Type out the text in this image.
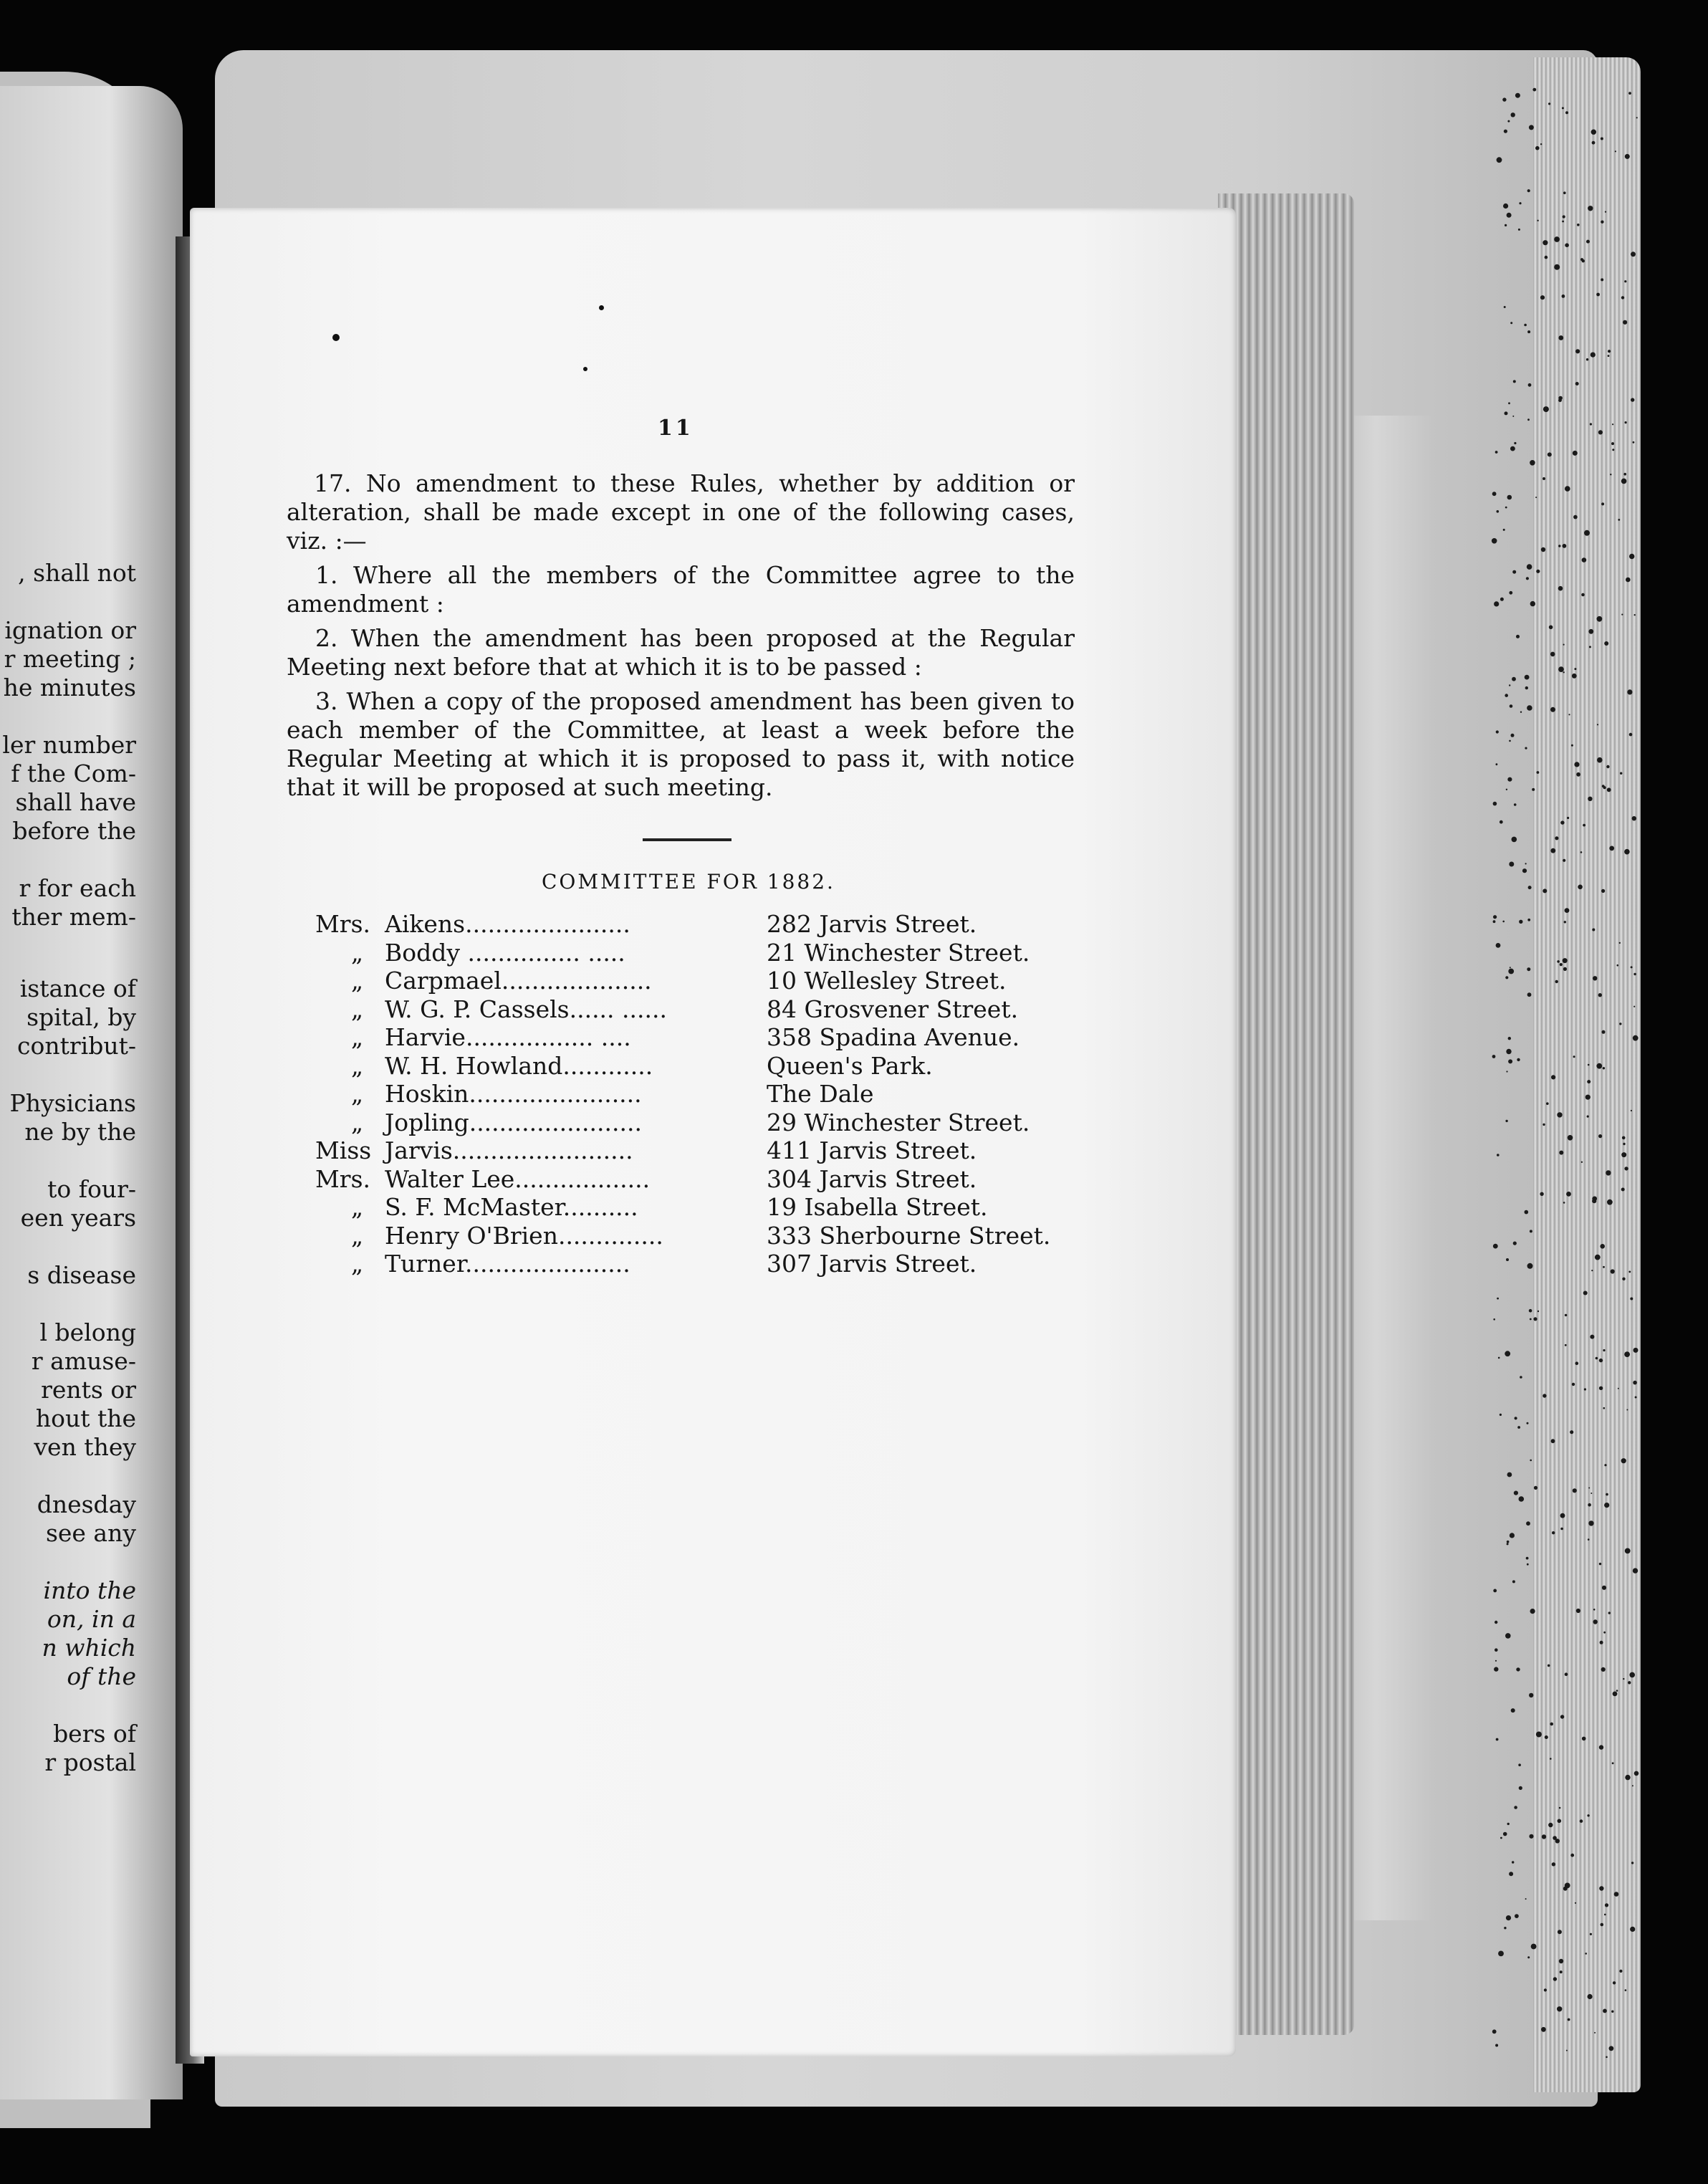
, shall not
ignation or
r meeting ;
he minutes
ler number
f the Com-
shall have
before the
r for each
ther mem-
istance of
spital, by
contribut-
Physicians
ne by the
to four-
een years
s disease
l belong
r amuse-
rents or
hout the
ven they
dnesday
see any
into the
on, in a
n which
of the
bers of
r postal
11

17. No amendment to these Rules, whether by addition or alteration, shall be made except in one of the following cases, viz. :—

1. Where all the members of the Committee agree to the amendment :

2. When the amendment has been proposed at the Regular Meeting next before that at which it is to be passed :

3. When a copy of the proposed amendment has been given to each member of the Committee, at least a week before the Regular Meeting at which it is proposed to pass it, with notice that it will be proposed at such meeting.

COMMITTEE FOR 1882.
Mrs. Aikens......................	282 Jarvis Street.
„ Boddy ............... .....	21 Winchester Street.
„ Carpmael....................	10 Wellesley Street.
„ W. G. P. Cassels...... ......	84 Grosvener Street.
„ Harvie................. ....	358 Spadina Avenue.
„ W. H. Howland............	Queen's Park.
„ Hoskin.......................	The Dale
„ Jopling.......................	29 Winchester Street.
Miss Jarvis........................	411 Jarvis Street.
Mrs. Walter Lee..................	304 Jarvis Street.
„ S. F. McMaster..........	19 Isabella Street.
„ Henry O'Brien..............	333 Sherbourne Street.
„ Turner......................	307 Jarvis Street.
